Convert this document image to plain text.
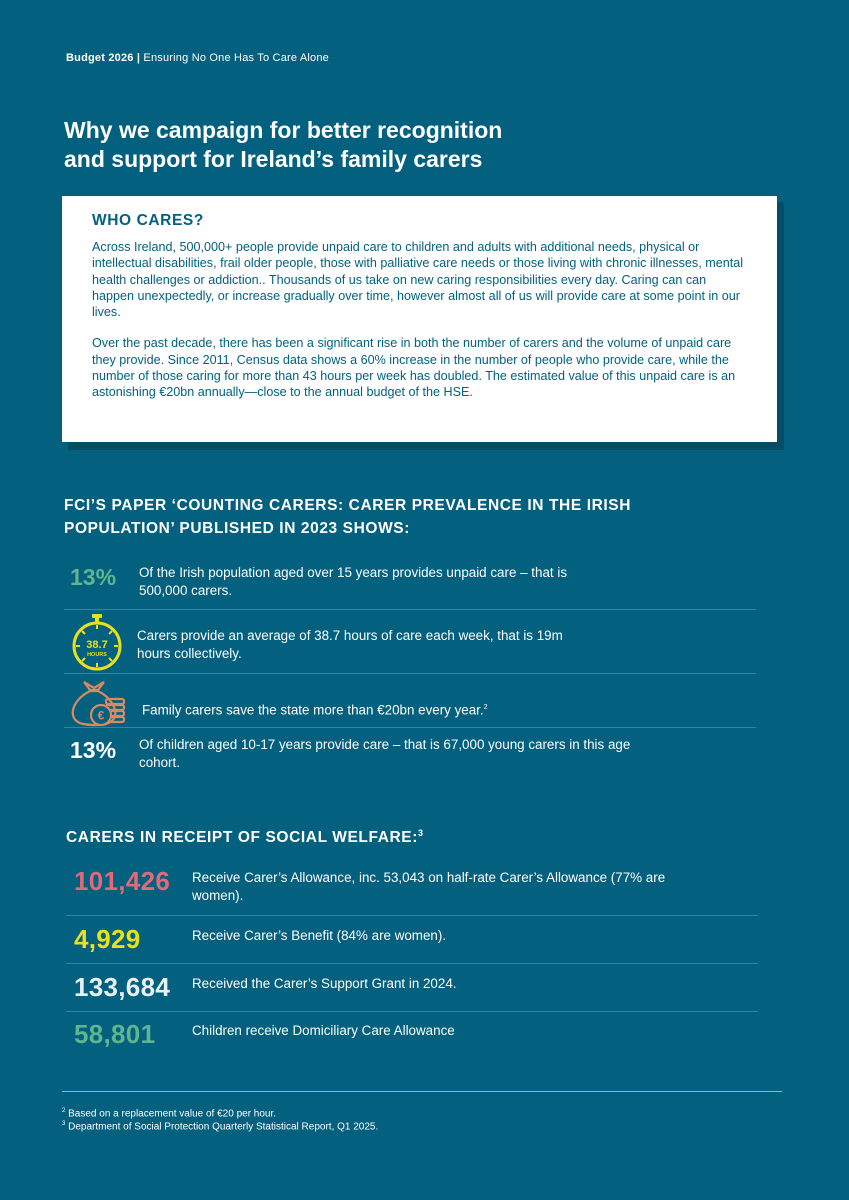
Budget 2026 | Ensuring No One Has To Care Alone
Why we campaign for better recognition
and support for Ireland’s family carers
WHO CARES?

Across Ireland, 500,000+ people provide unpaid care to children and adults with additional needs, physical or intellectual disabilities, frail older people, those with palliative care needs or those living with chronic illnesses, mental health challenges or addiction.. Thousands of us take on new caring responsibilities every day. Caring can can happen unexpectedly, or increase gradually over time, however almost all of us will provide care at some point in our lives.

Over the past decade, there has been a significant rise in both the number of carers and the volume of unpaid care they provide. Since 2011, Census data shows a 60% increase in the number of people who provide care, while the number of those caring for more than 43 hours per week has doubled. The estimated value of this unpaid care is an astonishing €20bn annually—close to the annual budget of the HSE.

FCI’S PAPER ‘COUNTING CARERS: CARER PREVALENCE IN THE IRISH
POPULATION’ PUBLISHED IN 2023 SHOWS:
13% Of the Irish population aged over 15 years provides unpaid care – that is 500,000 carers.
38.7
HOURS
Carers provide an average of 38.7 hours of care each week, that is 19m hours collectively.
€	Family carers save the state more than €20bn every year.$^2$
13% Of children aged 10-17 years provide care – that is 67,000 young carers in this age cohort.
CARERS IN RECEIPT OF SOCIAL WELFARE:$^3$
101,426 Receive Carer’s Allowance, inc. 53,043 on half-rate Carer’s Allowance (77% are women).
4,929	Receive Carer’s Benefit (84% are women).
133,684 Received the Carer’s Support Grant in 2024.
58,801	Children receive Domiciliary Care Allowance
$^2$ Based on a replacement value of €20 per hour.
$^3$ Department of Social Protection Quarterly Statistical Report, Q1 2025.
